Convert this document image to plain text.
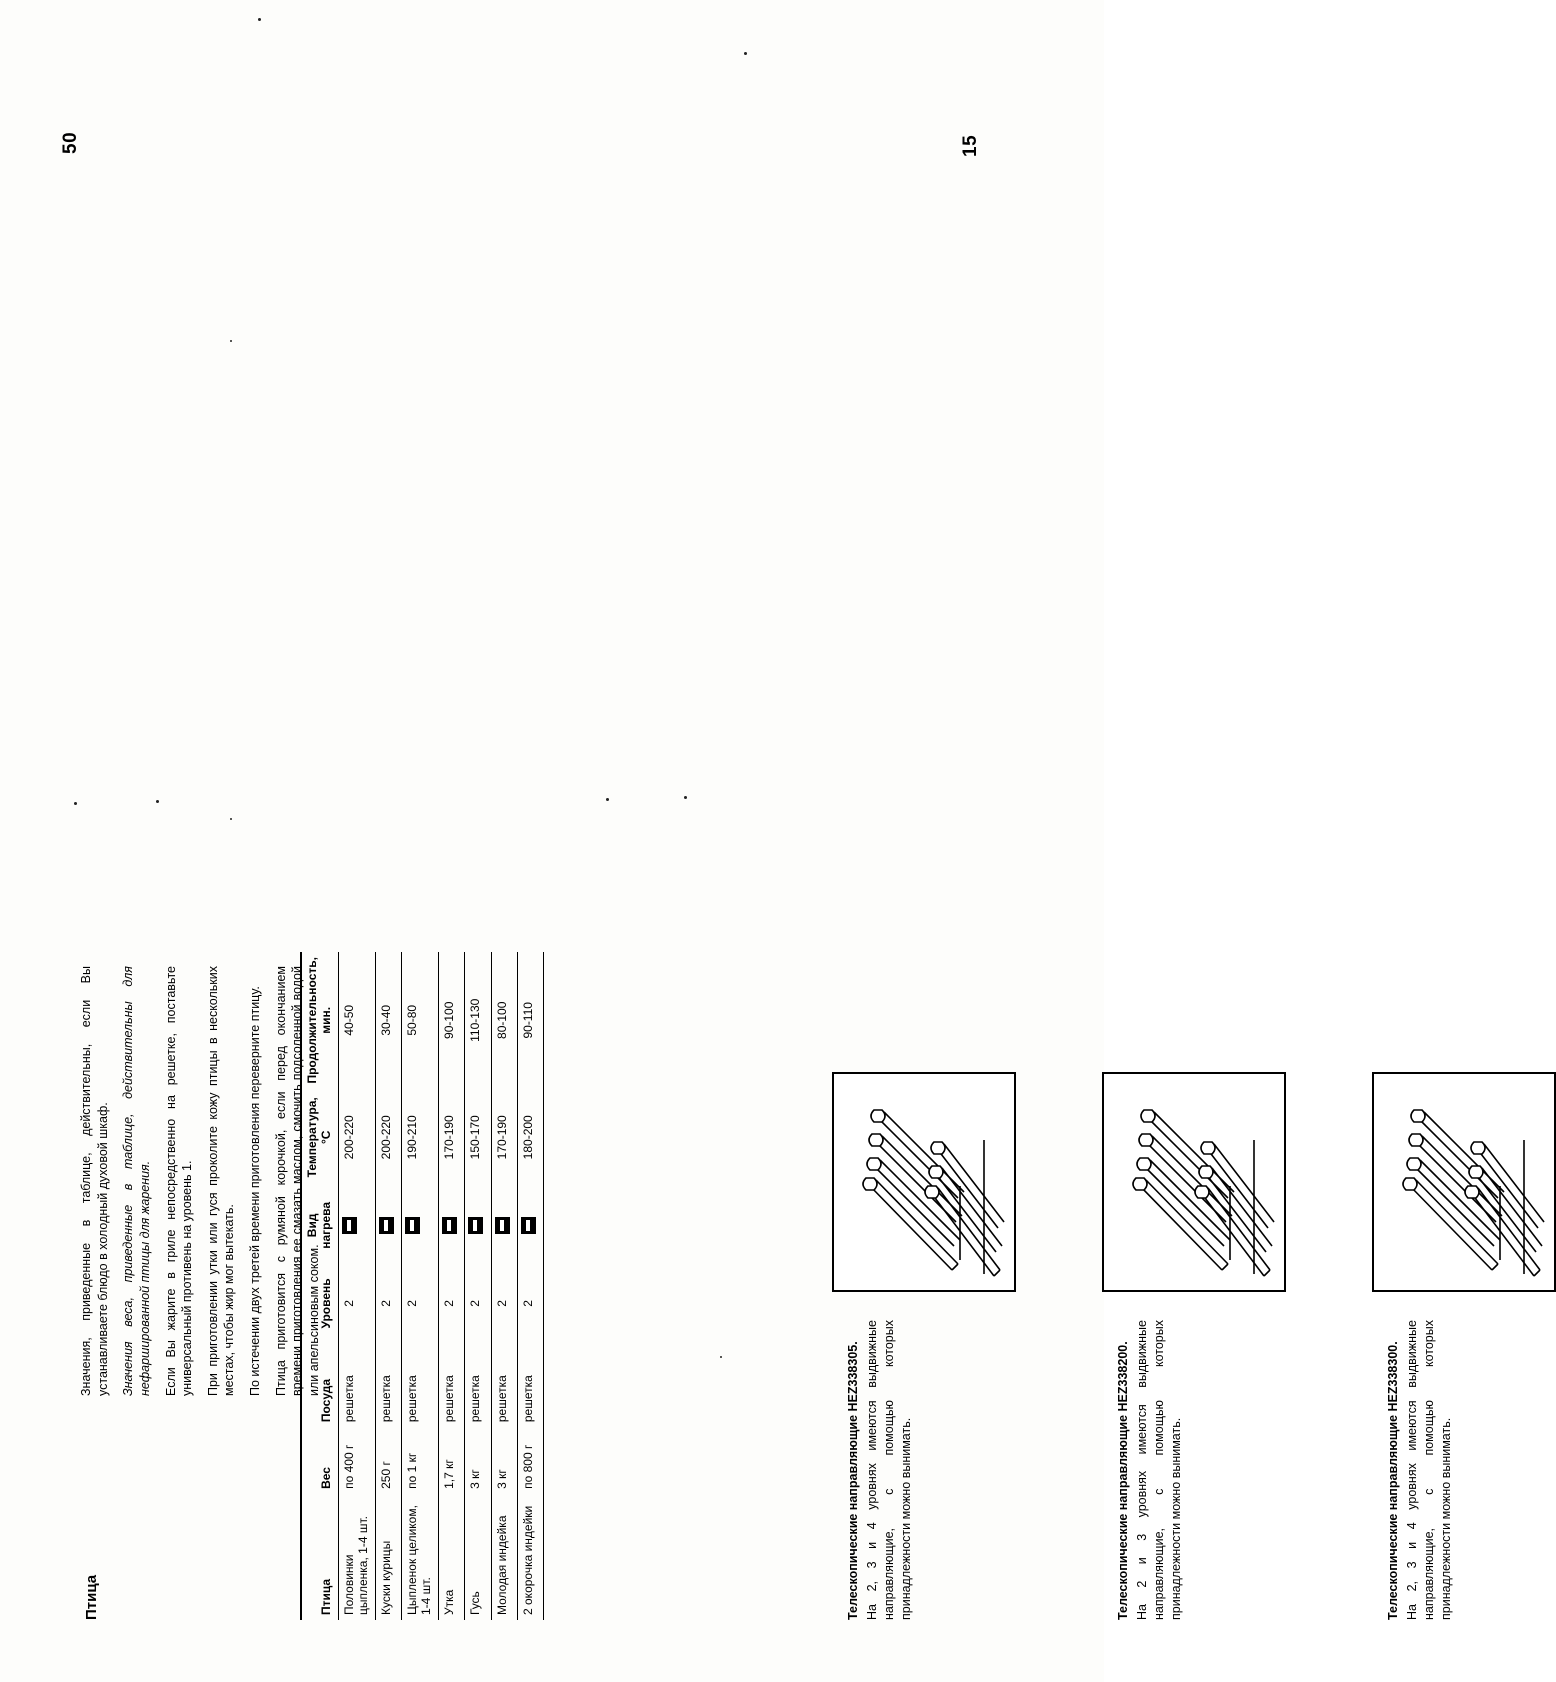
50	15
Птица

Значения, приведенные в таблице, действительны, если Вы устанавливаете блюдо в холодный духовой шкаф. Значения веса, приведенные в таблице, действительны для нефаршированной птицы для жарения. Если Вы жарите в гриле непосредственно на решетке, поставьте универсальный противень на уровень 1. При приготовлении утки или гуся проколите кожу птицы в нескольких местах, чтобы жир мог вытекать. По истечении двух третей времени приготовления переверните птицу. Птица приготовится с румяной корочкой, если перед окончанием времени приготовления ее смазать маслом, смочить подсоленной водой или апельсиновым соком.

Птица	Вес	Посуда	Уровень	Вид нагрева	Температура, °C	Продолжительность, мин.
Половинки цыпленка, 1-4 шт.	по 400 г	решетка	2		200-220	40-50
Куски курицы	250 г	решетка	2		200-220	30-40
Цыпленок целиком, 1-4 шт.	по 1 кг	решетка	2		190-210	50-80
Утка	1,7 кг	решетка	2		170-190	90-100
Гусь	3 кг	решетка	2		150-170	110-130
Молодая индейка	3 кг	решетка	2		170-190	80-100
2 окорочка индейки	по 800 г	решетка	2		180-200	90-110
Телескопические направляющие HEZ338305. На 2, 3 и 4 уровнях имеются выдвижные направляющие, с помощью которых принадлежности можно вынимать.	Телескопические направляющие HEZ338200. На 2 и 3 уровнях имеются выдвижные направляющие, с помощью которых принадлежности можно вынимать.	Телескопические направляющие HEZ338300. На 2, 3 и 4 уровнях имеются выдвижные направляющие, с помощью которых принадлежности можно вынимать.
